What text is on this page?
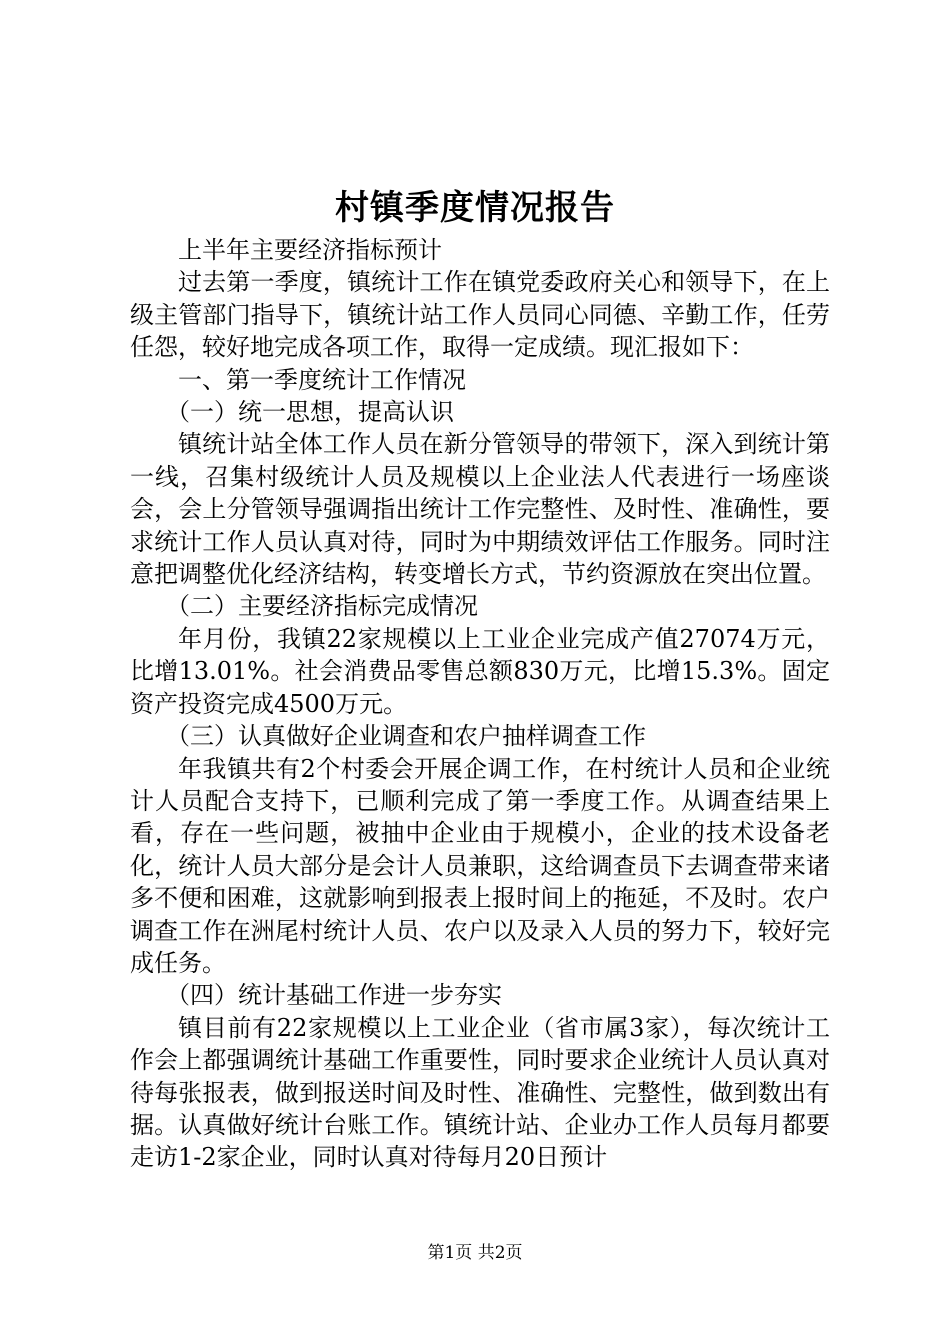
村镇季度情况报告

上半年主要经济指标预计

过去第一季度，镇统计工作在镇党委政府关心和领导下，在上级主管部门指导下，镇统计站工作人员同心同德、辛勤工作，任劳任怨，较好地完成各项工作，取得一定成绩。现汇报如下：

一、第一季度统计工作情况

（一）统一思想，提高认识

镇统计站全体工作人员在新分管领导的带领下，深入到统计第一线，召集村级统计人员及规模以上企业法人代表进行一场座谈会，会上分管领导强调指出统计工作完整性、及时性、准确性，要求统计工作人员认真对待，同时为中期绩效评估工作服务。同时注意把调整优化经济结构，转变增长方式，节约资源放在突出位置。

（二）主要经济指标完成情况

年月份，我镇22家规模以上工业企业完成产值27074万元，比增13.01%。社会消费品零售总额830万元，比增15.3%。固定资产投资完成4500万元。

（三）认真做好企业调查和农户抽样调查工作

年我镇共有2个村委会开展企调工作，在村统计人员和企业统计人员配合支持下，已顺利完成了第一季度工作。从调查结果上看，存在一些问题，被抽中企业由于规模小，企业的技术设备老化，统计人员大部分是会计人员兼职，这给调查员下去调查带来诸多不便和困难，这就影响到报表上报时间上的拖延，不及时。农户调查工作在洲尾村统计人员、农户以及录入人员的努力下，较好完成任务。

（四）统计基础工作进一步夯实

镇目前有22家规模以上工业企业（省市属3家），每次统计工作会上都强调统计基础工作重要性，同时要求企业统计人员认真对待每张报表，做到报送时间及时性、准确性、完整性，做到数出有据。认真做好统计台账工作。镇统计站、企业办工作人员每月都要走访1-2家企业，同时认真对待每月20日预计

第1页 共2页
